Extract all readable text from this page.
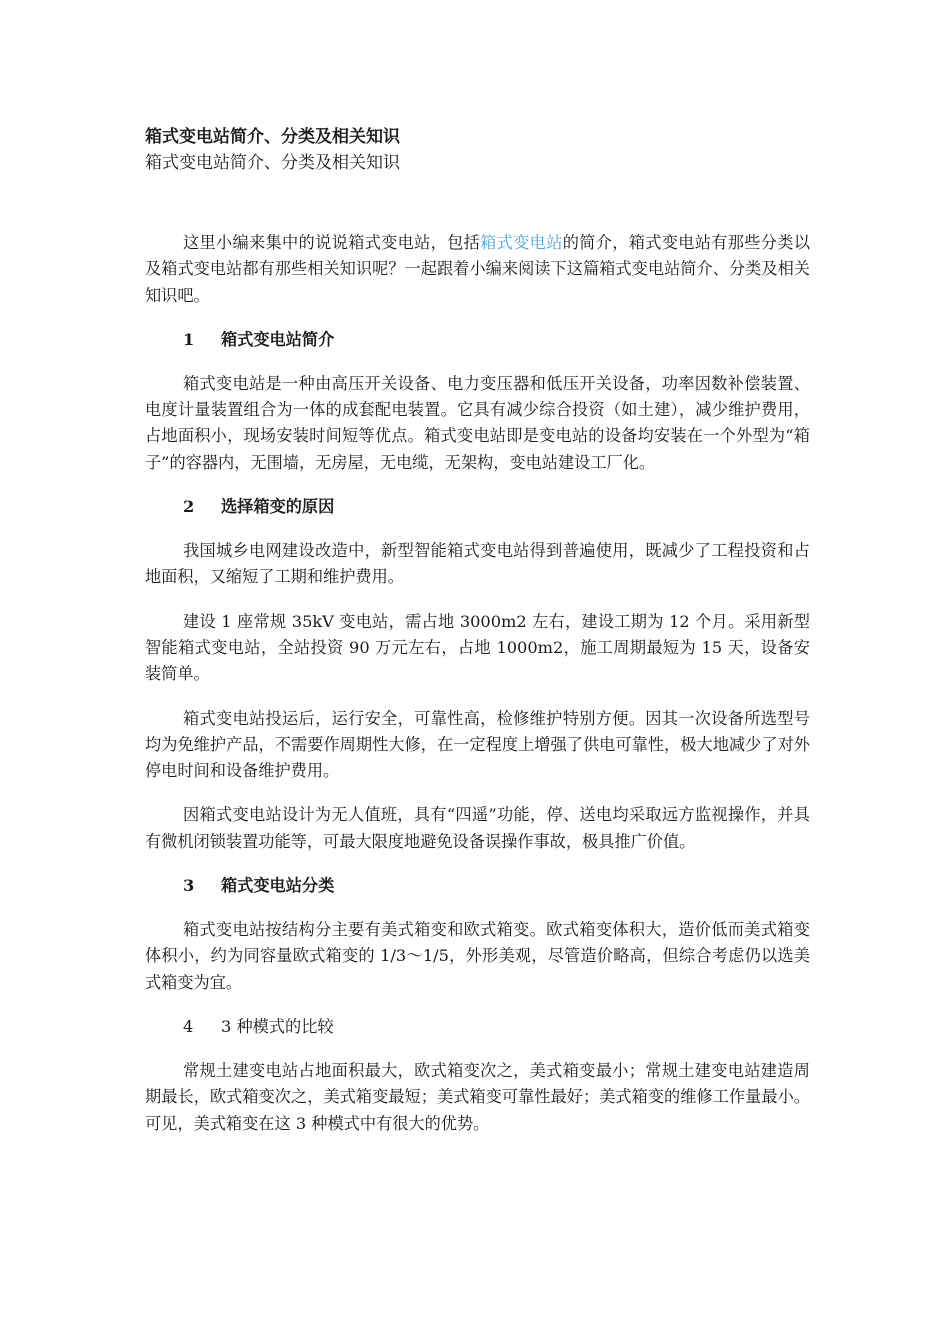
箱式变电站简介、分类及相关知识

箱式变电站简介、分类及相关知识

这里小编来集中的说说箱式变电站，包括箱式变电站的简介，箱式变电站有那些分类以及箱式变电站都有那些相关知识呢？一起跟着小编来阅读下这篇箱式变电站简介、分类及相关知识吧。

1 箱式变电站简介

箱式变电站是一种由高压开关设备、电力变压器和低压开关设备，功率因数补偿装置、电度计量装置组合为一体的成套配电装置。它具有减少综合投资（如土建），减少维护费用，占地面积小，现场安装时间短等优点。箱式变电站即是变电站的设备均安装在一个外型为“箱子”的容器内，无围墙，无房屋，无电缆，无架构，变电站建设工厂化。

2 选择箱变的原因

我国城乡电网建设改造中，新型智能箱式变电站得到普遍使用，既减少了工程投资和占地面积，又缩短了工期和维护费用。

建设 1 座常规 35kV 变电站，需占地 3000m2 左右，建设工期为 12 个月。采用新型智能箱式变电站，全站投资 90 万元左右，占地 1000m2，施工周期最短为 15 天，设备安装简单。

箱式变电站投运后，运行安全，可靠性高，检修维护特别方便。因其一次设备所选型号均为免维护产品，不需要作周期性大修，在一定程度上增强了供电可靠性，极大地减少了对外停电时间和设备维护费用。

因箱式变电站设计为无人值班，具有“四遥”功能，停、送电均采取远方监视操作，并具有微机闭锁装置功能等，可最大限度地避免设备误操作事故，极具推广价值。

3 箱式变电站分类

箱式变电站按结构分主要有美式箱变和欧式箱变。欧式箱变体积大，造价低而美式箱变体积小，约为同容量欧式箱变的 1/3～1/5，外形美观，尽管造价略高，但综合考虑仍以选美式箱变为宜。

4 3 种模式的比较

常规土建变电站占地面积最大，欧式箱变次之，美式箱变最小；常规土建变电站建造周期最长，欧式箱变次之，美式箱变最短；美式箱变可靠性最好；美式箱变的维修工作量最小。可见，美式箱变在这 3 种模式中有很大的优势。
